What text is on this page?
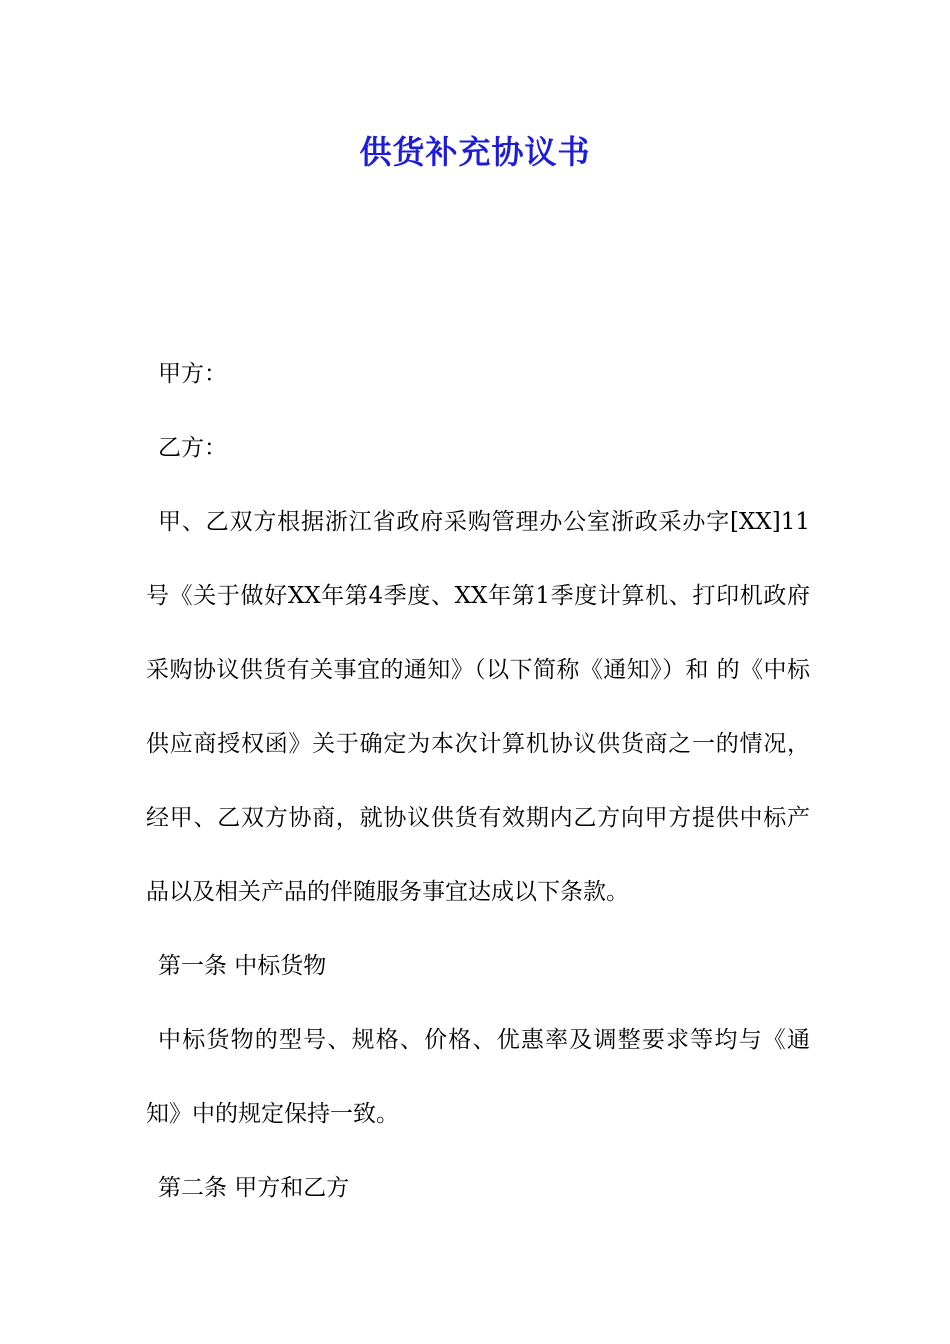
供货补充协议书

甲方：

乙方：

甲、乙双方根据浙江省政府采购管理办公室浙政采办字[XX]11号《关于做好XX年第4季度、XX年第1季度计算机、打印机政府采购协议供货有关事宜的通知》（以下简称《通知》）和 的《中标供应商授权函》关于确定为本次计算机协议供货商之一的情况，经甲、乙双方协商，就协议供货有效期内乙方向甲方提供中标产品以及相关产品的伴随服务事宜达成以下条款。

第一条 中标货物

中标货物的型号、规格、价格、优惠率及调整要求等均与《通知》中的规定保持一致。

第二条 甲方和乙方
